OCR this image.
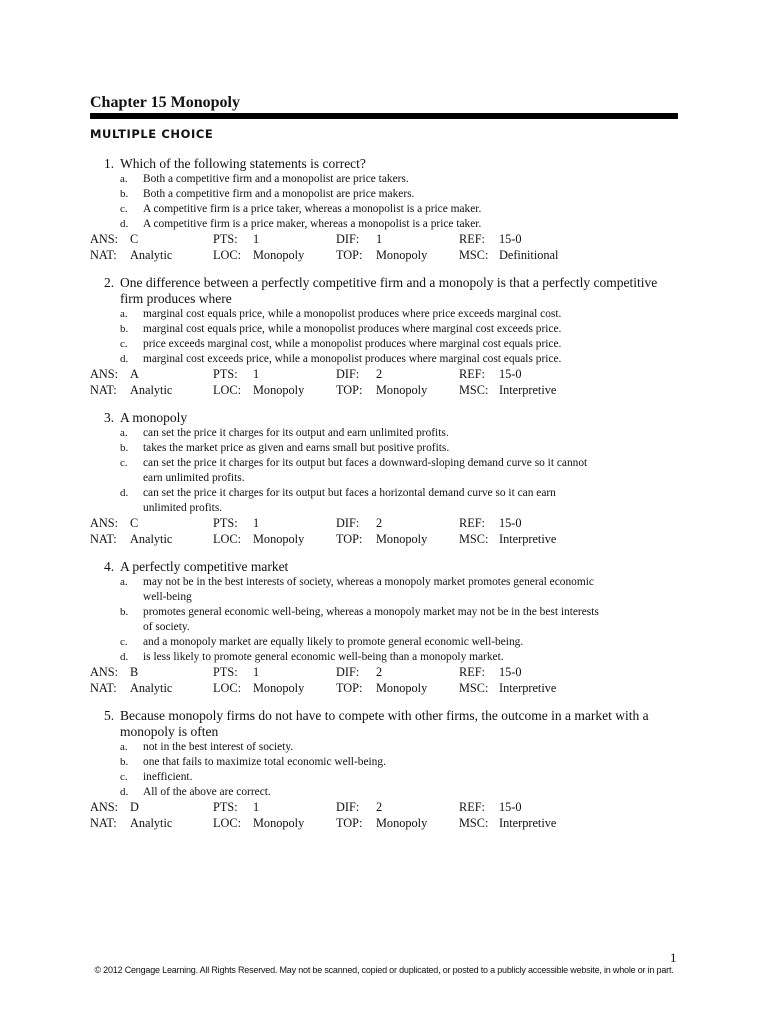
Chapter 15 Monopoly
MULTIPLE CHOICE
1. Which of the following statements is correct?
a. Both a competitive firm and a monopolist are price takers.
b. Both a competitive firm and a monopolist are price makers.
c. A competitive firm is a price taker, whereas a monopolist is a price maker.
d. A competitive firm is a price maker, whereas a monopolist is a price taker.
ANS: C	PTS: 1	DIF: 1	REF: 15-0
NAT: Analytic	LOC: Monopoly	TOP: Monopoly	MSC: Definitional
2. One difference between a perfectly competitive firm and a monopoly is that a perfectly competitive
firm produces where
a. marginal cost equals price, while a monopolist produces where price exceeds marginal cost.
b. marginal cost equals price, while a monopolist produces where marginal cost exceeds price.
c. price exceeds marginal cost, while a monopolist produces where marginal cost equals price.
d. marginal cost exceeds price, while a monopolist produces where marginal cost equals price.
ANS: A	PTS: 1	DIF: 2	REF: 15-0
NAT: Analytic	LOC: Monopoly	TOP: Monopoly	MSC: Interpretive
3. A monopoly
a. can set the price it charges for its output and earn unlimited profits.
b. takes the market price as given and earns small but positive profits.
c. can set the price it charges for its output but faces a downward-sloping demand curve so it cannot
earn unlimited profits.
d. can set the price it charges for its output but faces a horizontal demand curve so it can earn
unlimited profits.
ANS: C	PTS: 1	DIF: 2	REF: 15-0
NAT: Analytic	LOC: Monopoly	TOP: Monopoly	MSC: Interpretive
4. A perfectly competitive market
a. may not be in the best interests of society, whereas a monopoly market promotes general economic
well-being
b. promotes general economic well-being, whereas a monopoly market may not be in the best interests
of society.
c. and a monopoly market are equally likely to promote general economic well-being.
d. is less likely to promote general economic well-being than a monopoly market.
ANS: B	PTS: 1	DIF: 2	REF: 15-0
NAT: Analytic	LOC: Monopoly	TOP: Monopoly	MSC: Interpretive
5. Because monopoly firms do not have to compete with other firms, the outcome in a market with a
monopoly is often
a. not in the best interest of society.
b. one that fails to maximize total economic well-being.
c. inefficient.
d. All of the above are correct.
ANS: D	PTS: 1	DIF: 2	REF: 15-0
NAT: Analytic	LOC: Monopoly	TOP: Monopoly	MSC: Interpretive
1
© 2012 Cengage Learning. All Rights Reserved. May not be scanned, copied or duplicated, or posted to a publicly accessible website, in whole or in part.
